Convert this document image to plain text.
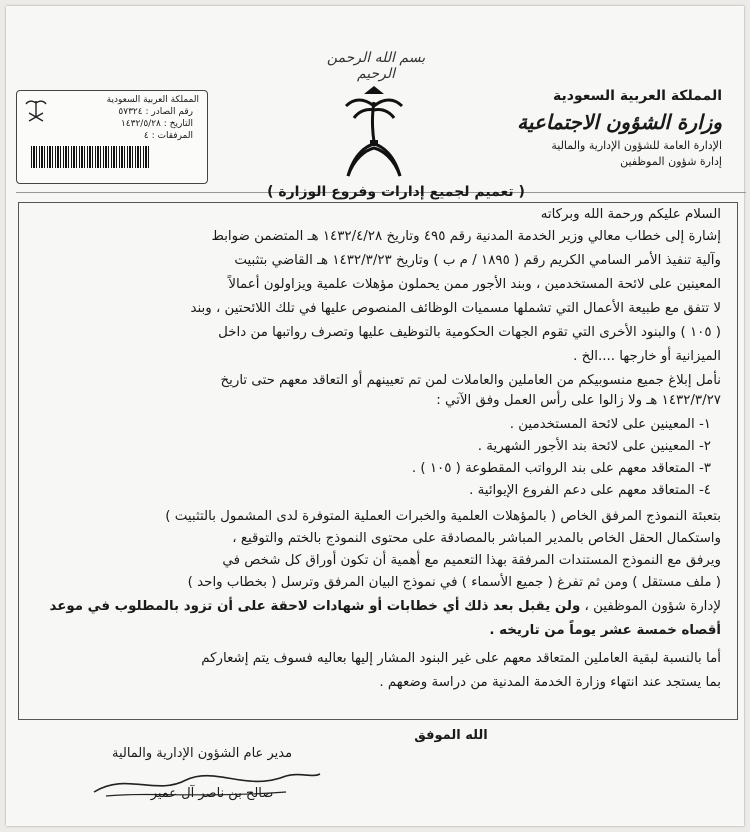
بسم الله الرحمن الرحيم
المملكة العربية السعودية
وزارة الشؤون الاجتماعية
الإدارة العامة للشؤون الإدارية والمالية
إدارة شؤون الموظفين
المملكة العربية السعودية
رقم الصادر : ٥٧٣٢٤
التاريخ : ١٤٣٢/٥/٢٨
المرفقات : ٤
( تعميم لجميع إدارات وفروع الوزارة )
السلام عليكم ورحمة الله وبركاته
إشارة إلى خطاب معالي وزير الخدمة المدنية رقم ٤٩٥ وتاريخ ١٤٣٢/٤/٢٨ هـ المتضمن ضوابط
وآلية تنفيذ الأمر السامي الكريم رقم ( ١٨٩٥ / م ب ) وتاريخ ١٤٣٢/٣/٢٣ هـ القاضي بتثبيت
المعينين على لائحة المستخدمين ، وبند الأجور ممن يحملون مؤهلات علمية ويزاولون أعمالاً
لا تتفق مع طبيعة الأعمال التي تشملها مسميات الوظائف المنصوص عليها في تلك اللائحتين ، وبند
( ١٠٥ ) والبنود الأخرى التي تقوم الجهات الحكومية بالتوظيف عليها وتصرف رواتبها من داخل
الميزانية أو خارجها ....الخ .
نأمل إبلاغ جميع منسوبيكم من العاملين والعاملات لمن تم تعيينهم أو التعاقد معهم حتى تاريخ
١٤٣٢/٣/٢٧ هـ ولا زالوا على رأس العمل وفق الآتي :
١- المعينين على لائحة المستخدمين .
٢- المعينين على لائحة بند الأجور الشهرية .
٣- المتعاقد معهم على بند الرواتب المقطوعة ( ١٠٥ ) .
٤- المتعاقد معهم على دعم الفروع الإيوائية .
بتعبئة النموذج المرفق الخاص ( بالمؤهلات العلمية والخبرات العملية المتوفرة لدى المشمول بالتثبيت )
واستكمال الحقل الخاص بالمدير المباشر بالمصادقة على محتوى النموذج بالختم والتوقيع ،
ويرفق مع النموذج المستندات المرفقة بهذا التعميم مع أهمية أن تكون أوراق كل شخص في
( ملف مستقل ) ومن ثم تفرغ ( جميع الأسماء ) في نموذج البيان المرفق وترسل ( بخطاب واحد )
لإدارة شؤون الموظفين ، ولن يقبل بعد ذلك أي خطابات أو شهادات لاحقة على أن تزود بالمطلوب في موعد
أقصاه خمسة عشر يوماً من تاريخه .
أما بالنسبة لبقية العاملين المتعاقد معهم على غير البنود المشار إليها بعاليه فسوف يتم إشعاركم
بما يستجد عند انتهاء وزارة الخدمة المدنية من دراسة وضعهم .
الله الموفق
مدير عام الشؤون الإدارية والمالية
صالح بن ناصر آل عمير
